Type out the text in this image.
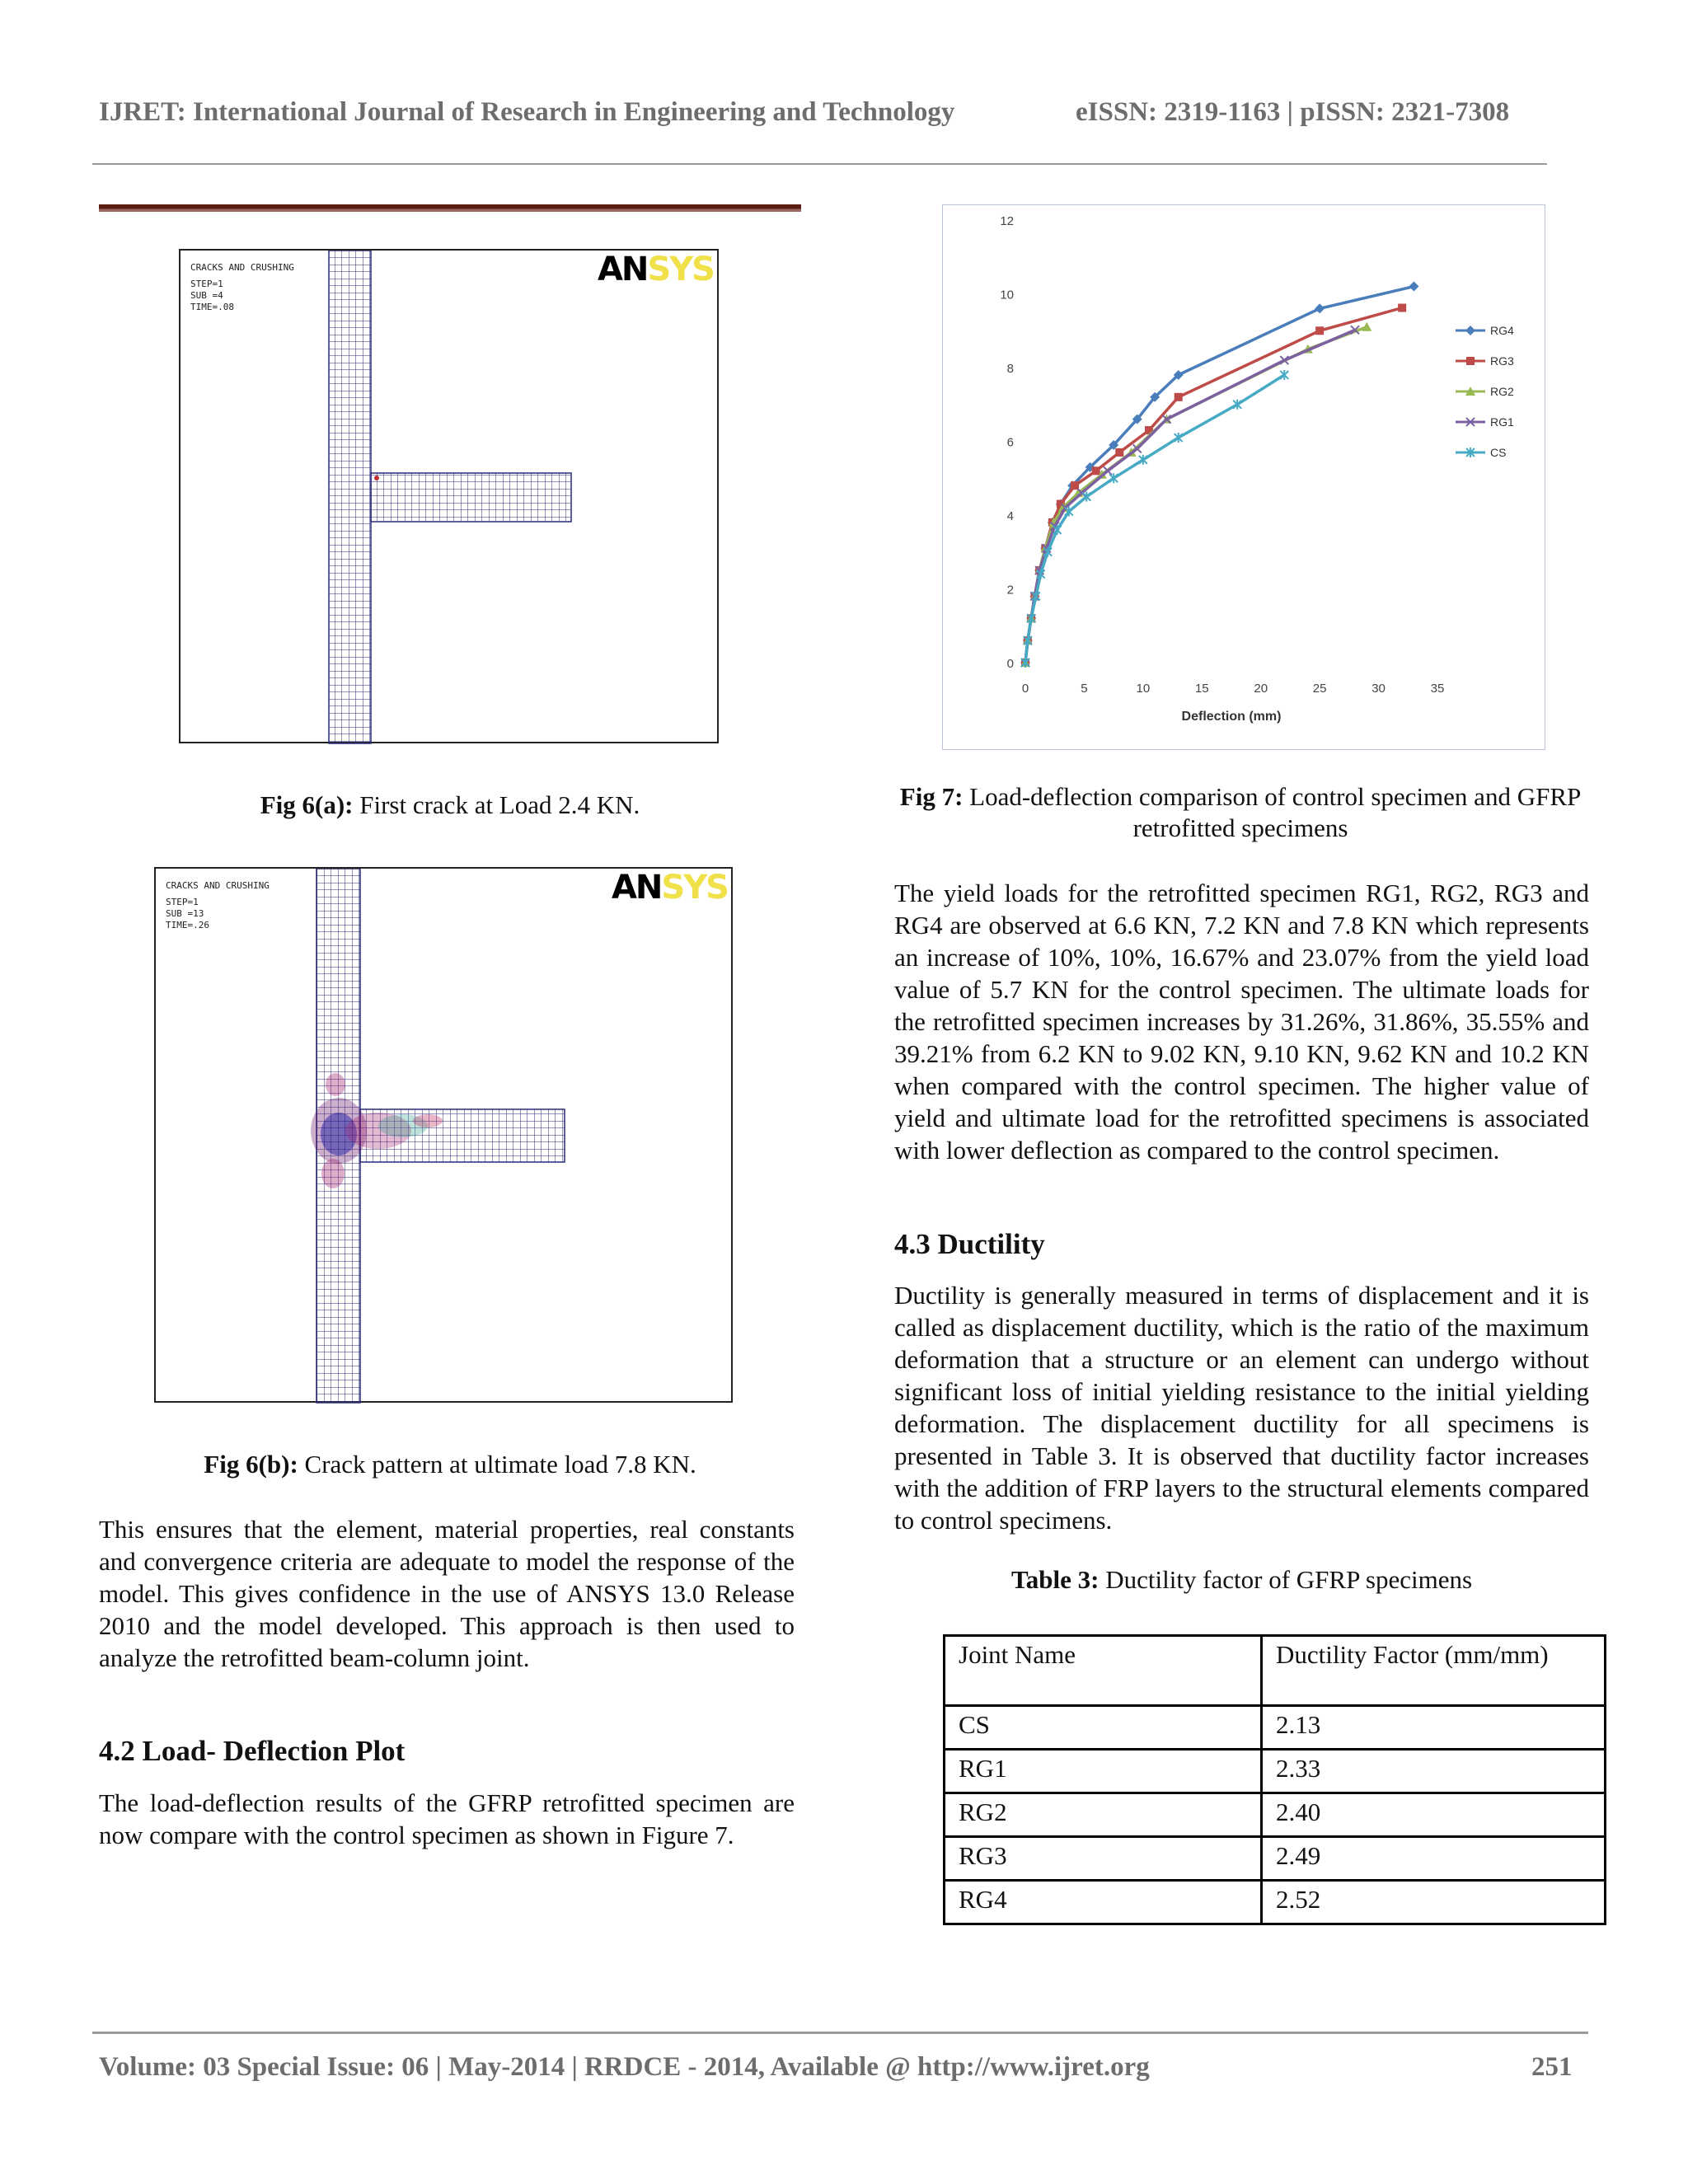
IJRET: International Journal of Research in Engineering and Technology	eISSN: 2319-1163 | pISSN: 2321-7308
CRACKS AND CRUSHING
STEP=1
SUB =4
TIME=.08
ANSYS
Fig 6(a): First crack at Load 2.4 KN.
CRACKS AND CRUSHING
STEP=1
SUB =13
TIME=.26
ANSYS
Fig 6(b): Crack pattern at ultimate load 7.8 KN.
This ensures that the element, material properties, real constants and convergence criteria are adequate to model the response of the model. This gives confidence in the use of ANSYS 13.0 Release 2010 and the model developed. This approach is then used to analyze the retrofitted beam-column joint.
4.2 Load- Deflection Plot
The load-deflection results of the GFRP retrofitted specimen are now compare with the control specimen as shown in Figure 7.
0
2
4
6
8
10
12
0	5	10	15	20	25	30	35
Deflection (mm)
RG4
RG3
RG2
RG1
CS
Fig 7: Load-deflection comparison of control specimen and GFRP retrofitted specimens
The yield loads for the retrofitted specimen RG1, RG2, RG3 and RG4 are observed at 6.6 KN, 7.2 KN and 7.8 KN which represents an increase of 10%, 10%, 16.67% and 23.07% from the yield load value of 5.7 KN for the control specimen. The ultimate loads for the retrofitted specimen increases by 31.26%, 31.86%, 35.55% and 39.21% from 6.2 KN to 9.02 KN, 9.10 KN, 9.62 KN and 10.2 KN when compared with the control specimen. The higher value of yield and ultimate load for the retrofitted specimens is associated with lower deflection as compared to the control specimen.
4.3 Ductility
Ductility is generally measured in terms of displacement and it is called as displacement ductility, which is the ratio of the maximum deformation that a structure or an element can undergo without significant loss of initial yielding resistance to the initial yielding deformation. The displacement ductility for all specimens is presented in Table 3. It is observed that ductility factor increases with the addition of FRP layers to the structural elements compared to control specimens.
Table 3: Ductility factor of GFRP specimens
Joint Name	Ductility Factor (mm/mm)
CS	2.13
RG1	2.33
RG2	2.40
RG3	2.49
RG4	2.52
Volume: 03 Special Issue: 06 | May-2014 | RRDCE - 2014, Available @ http://www.ijret.org	251
